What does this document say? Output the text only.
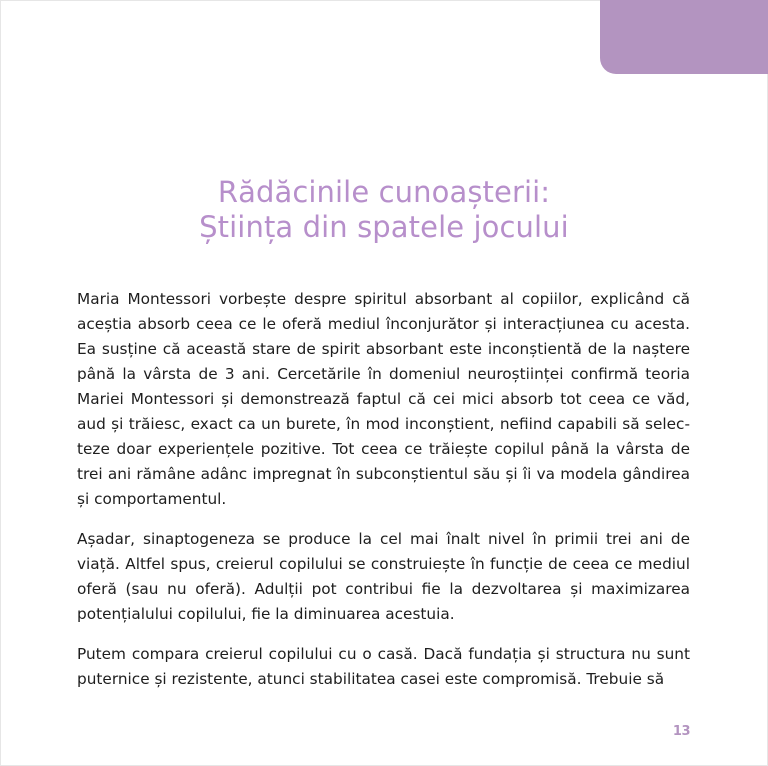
Rădăcinile cunoașterii:
Știința din spatele jocului

Maria Montessori vorbește despre spiritul absorbant al copiilor, explicând că aceștia absorb ceea ce le oferă mediul înconjurător și interacțiunea cu acesta. Ea susține că această stare de spirit absorbant este inconștientă de la naștere până la vârsta de 3 ani. Cercetările în domeniul neuroștiinței confirmă teoria Mariei Montessori și demonstrează faptul că cei mici absorb tot ceea ce văd, aud și trăiesc, exact ca un burete, în mod inconștient, nefiind capabili să selecteze doar experiențele pozitive. Tot ceea ce trăiește copilul până la vârsta de trei ani rămâne adânc impregnat în subconștientul său și îi va modela gândirea și comportamentul.

Așadar, sinaptogeneza se produce la cel mai înalt nivel în primii trei ani de viață. Altfel spus, creierul copilului se construiește în funcție de ceea ce mediul oferă (sau nu oferă). Adulții pot contribui fie la dezvoltarea și maximizarea potențialului copilului, fie la diminuarea acestuia.

Putem compara creierul copilului cu o casă. Dacă fundația și structura nu sunt puternice și rezistente, atunci stabilitatea casei este compromisă. Trebuie să

13
